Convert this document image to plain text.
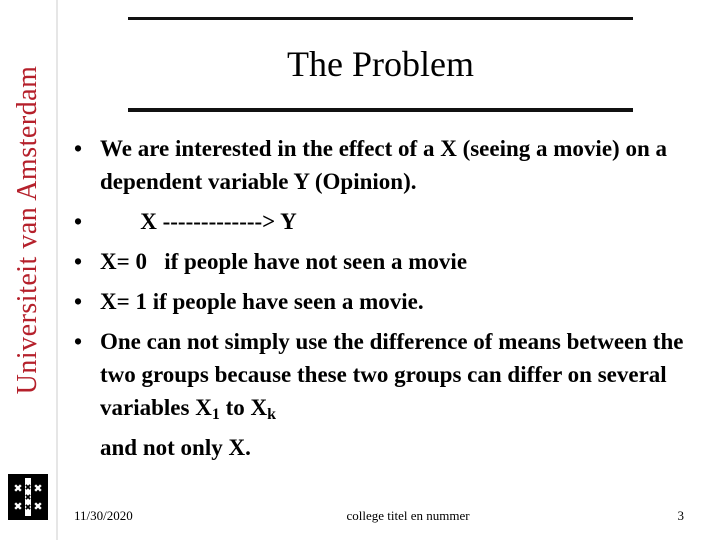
Universiteit van Amsterdam
The Problem
• We are interested in the effect of a X (seeing a movie) on a dependent variable Y (Opinion).
• X -------------> Y
• X= 0   if people have not seen a movie
• X= 1 if people have seen a movie.
• One can not simply use the difference of means between the two groups because these two groups can differ on several variables $X_1$ to $X_k$
and not only X.
11/30/2020	college titel en nummer	3
